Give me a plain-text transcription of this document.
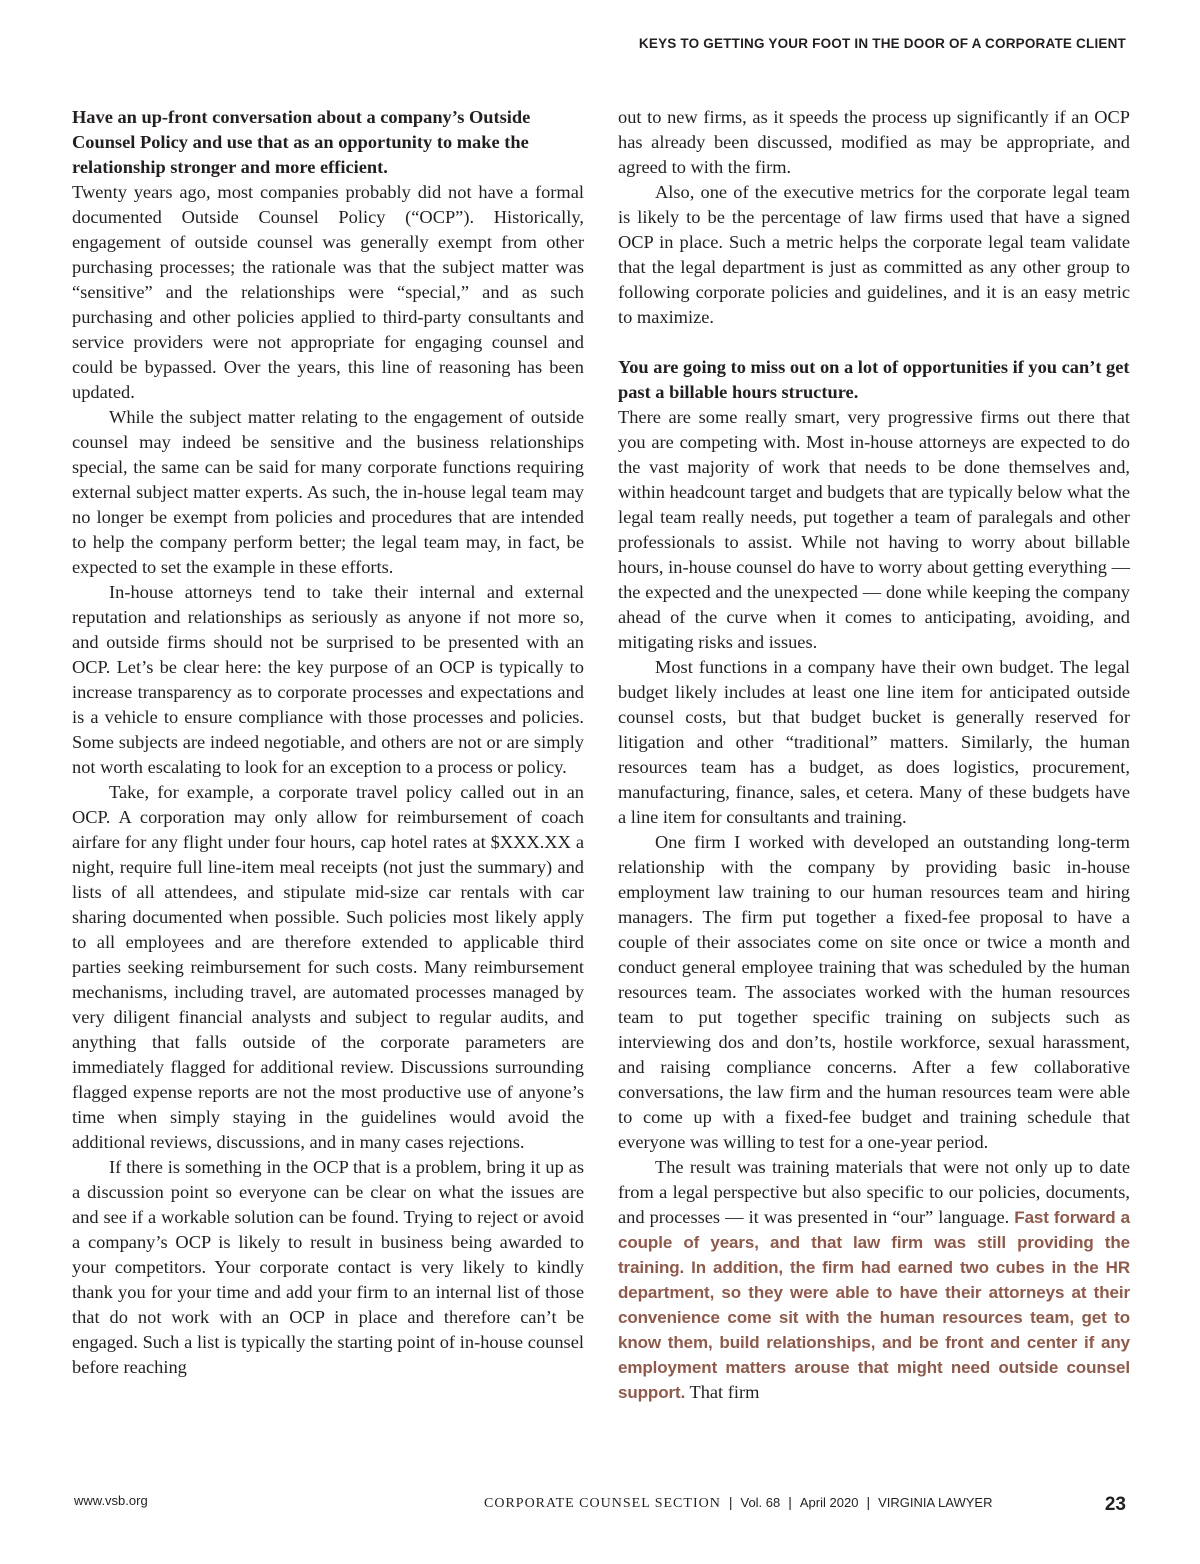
KEYS TO GETTING YOUR FOOT IN THE DOOR OF A CORPORATE CLIENT
Have an up-front conversation about a company’s Outside Counsel Policy and use that as an opportunity to make the relationship stronger and more efficient.

Twenty years ago, most companies probably did not have a formal documented Outside Counsel Policy (“OCP”). Historically, engagement of outside counsel was generally exempt from other purchasing processes; the rationale was that the subject matter was “sensitive” and the relationships were “special,” and as such purchasing and other policies applied to third-party consultants and service providers were not appropriate for engaging counsel and could be bypassed. Over the years, this line of reasoning has been updated.

While the subject matter relating to the engagement of outside counsel may indeed be sensitive and the business relationships special, the same can be said for many corporate functions requiring external subject matter experts. As such, the in-house legal team may no longer be exempt from policies and procedures that are intended to help the company perform better; the legal team may, in fact, be expected to set the example in these efforts.

In-house attorneys tend to take their internal and external reputation and relationships as seriously as anyone if not more so, and outside firms should not be surprised to be presented with an OCP. Let’s be clear here: the key purpose of an OCP is typically to increase transparency as to corporate processes and expectations and is a vehicle to ensure compliance with those processes and policies. Some subjects are indeed negotiable, and others are not or are simply not worth escalating to look for an exception to a process or policy.

Take, for example, a corporate travel policy called out in an OCP. A corporation may only allow for reimbursement of coach airfare for any flight under four hours, cap hotel rates at $XXX.XX a night, require full line-item meal receipts (not just the summary) and lists of all attendees, and stipulate mid-size car rentals with car sharing documented when possible. Such policies most likely apply to all employees and are therefore extended to applicable third parties seeking reimbursement for such costs. Many reimbursement mechanisms, including travel, are automated processes managed by very diligent financial analysts and subject to regular audits, and anything that falls outside of the corporate parameters are immediately flagged for additional review. Discussions surrounding flagged expense reports are not the most productive use of anyone’s time when simply staying in the guidelines would avoid the additional reviews, discussions, and in many cases rejections.

If there is something in the OCP that is a problem, bring it up as a discussion point so everyone can be clear on what the issues are and see if a workable solution can be found. Trying to reject or avoid a company’s OCP is likely to result in business being awarded to your competitors. Your corporate contact is very likely to kindly thank you for your time and add your firm to an internal list of those that do not work with an OCP in place and therefore can’t be engaged. Such a list is typically the starting point of in-house counsel before reaching

out to new firms, as it speeds the process up significantly if an OCP has already been discussed, modified as may be appropriate, and agreed to with the firm.

Also, one of the executive metrics for the corporate legal team is likely to be the percentage of law firms used that have a signed OCP in place. Such a metric helps the corporate legal team validate that the legal department is just as committed as any other group to following corporate policies and guidelines, and it is an easy metric to maximize.

You are going to miss out on a lot of opportunities if you can’t get past a billable hours structure.

There are some really smart, very progressive firms out there that you are competing with. Most in-house attorneys are expected to do the vast majority of work that needs to be done themselves and, within headcount target and budgets that are typically below what the legal team really needs, put together a team of paralegals and other professionals to assist. While not having to worry about billable hours, in-house counsel do have to worry about getting everything — the expected and the unexpected — done while keeping the company ahead of the curve when it comes to anticipating, avoiding, and mitigating risks and issues.

Most functions in a company have their own budget. The legal budget likely includes at least one line item for anticipated outside counsel costs, but that budget bucket is generally reserved for litigation and other “traditional” matters. Similarly, the human resources team has a budget, as does logistics, procurement, manufacturing, finance, sales, et cetera. Many of these budgets have a line item for consultants and training.

One firm I worked with developed an outstanding long-term relationship with the company by providing basic in-house employment law training to our human resources team and hiring managers. The firm put together a fixed-fee proposal to have a couple of their associates come on site once or twice a month and conduct general employee training that was scheduled by the human resources team. The associates worked with the human resources team to put together specific training on subjects such as interviewing dos and don’ts, hostile workforce, sexual harassment, and raising compliance concerns. After a few collaborative conversations, the law firm and the human resources team were able to come up with a fixed-fee budget and training schedule that everyone was willing to test for a one-year period.

The result was training materials that were not only up to date from a legal perspective but also specific to our policies, documents, and processes — it was presented in “our” language. Fast forward a couple of years, and that law firm was still providing the training. In addition, the firm had earned two cubes in the HR department, so they were able to have their attorneys at their convenience come sit with the human resources team, get to know them, build relationships, and be front and center if any employment matters arouse that might need outside counsel support. That firm

www.vsb.org	CORPORATE COUNSEL SECTION | Vol. 68 | April 2020 | VIRGINIA LAWYER	23
